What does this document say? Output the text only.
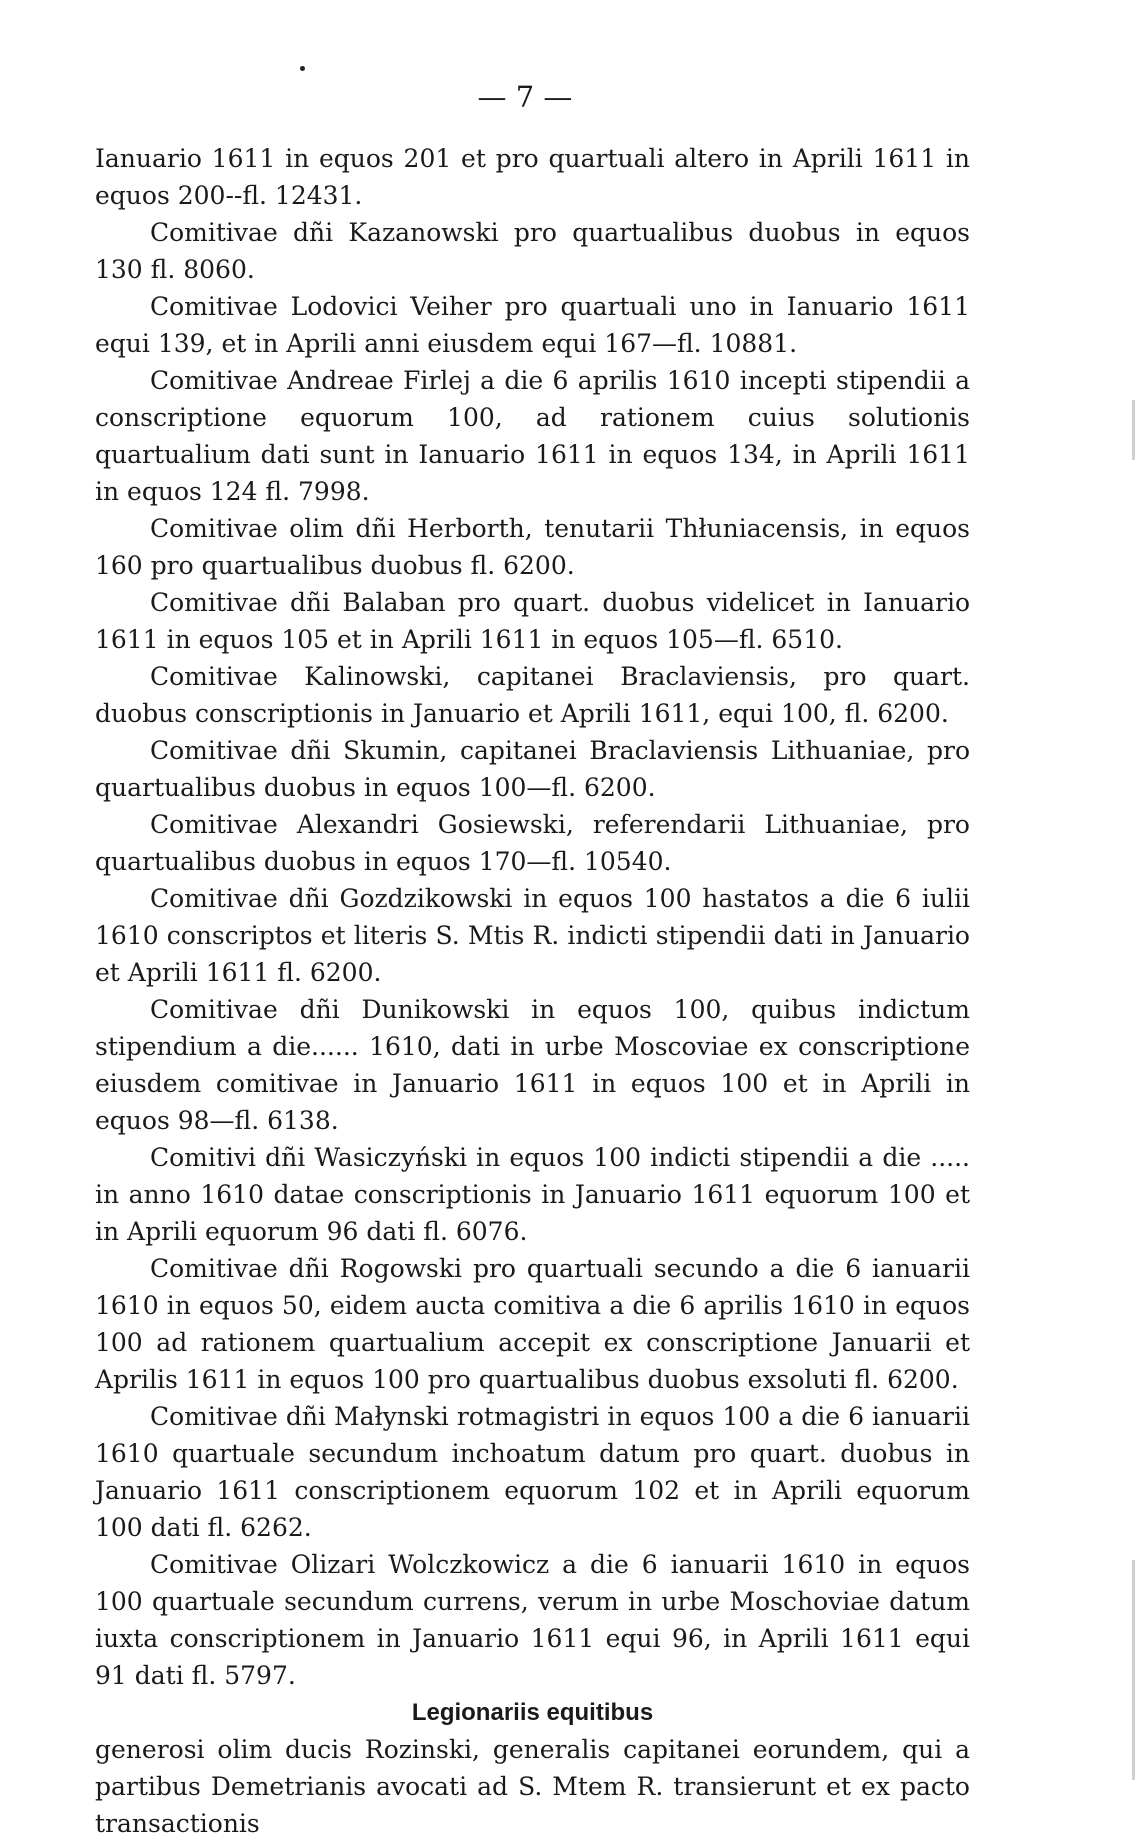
— 7 —

Ianuario 1611 in equos 201 et pro quartuali altero in Aprili 1611 in equos 200--fl. 12431.

Comitivae dñi Kazanowski pro quartualibus duobus in equos 130 fl. 8060.

Comitivae Lodovici Veiher pro quartuali uno in Ianuario 1611 equi 139, et in Aprili anni eiusdem equi 167—fl. 10881.

Comitivae Andreae Firlej a die 6 aprilis 1610 incepti stipendii a conscriptione equorum 100, ad rationem cuius solutionis quartualium dati sunt in Ianuario 1611 in equos 134, in Aprili 1611 in equos 124 fl. 7998.

Comitivae olim dñi Herborth, tenutarii Thłuniacensis, in equos 160 pro quartualibus duobus fl. 6200.

Comitivae dñi Balaban pro quart. duobus videlicet in Ianuario 1611 in equos 105 et in Aprili 1611 in equos 105—fl. 6510.

Comitivae Kalinowski, capitanei Braclaviensis, pro quart. duobus conscriptionis in Januario et Aprili 1611, equi 100, fl. 6200.

Comitivae dñi Skumin, capitanei Braclaviensis Lithuaniae, pro quartualibus duobus in equos 100—fl. 6200.

Comitivae Alexandri Gosiewski, referendarii Lithuaniae, pro quartualibus duobus in equos 170—fl. 10540.

Comitivae dñi Gozdzikowski in equos 100 hastatos a die 6 iulii 1610 conscriptos et literis S. Mtis R. indicti stipendii dati in Januario et Aprili 1611 fl. 6200.

Comitivae dñi Dunikowski in equos 100, quibus indictum stipendium a die...... 1610, dati in urbe Moscoviae ex conscriptione eiusdem comitivae in Januario 1611 in equos 100 et in Aprili in equos 98—fl. 6138.

Comitivi dñi Wasiczyński in equos 100 indicti stipendii a die ..... in anno 1610 datae conscriptionis in Januario 1611 equorum 100 et in Aprili equorum 96 dati fl. 6076.

Comitivae dñi Rogowski pro quartuali secundo a die 6 ianuarii 1610 in equos 50, eidem aucta comitiva a die 6 aprilis 1610 in equos 100 ad rationem quartualium accepit ex conscriptione Januarii et Aprilis 1611 in equos 100 pro quartualibus duobus exsoluti fl. 6200.

Comitivae dñi Małynski rotmagistri in equos 100 a die 6 ianuarii 1610 quartuale secundum inchoatum datum pro quart. duobus in Januario 1611 conscriptionem equorum 102 et in Aprili equorum 100 dati fl. 6262.

Comitivae Olizari Wolczkowicz a die 6 ianuarii 1610 in equos 100 quartuale secundum currens, verum in urbe Moschoviae datum iuxta conscriptionem in Januario 1611 equi 96, in Aprili 1611 equi 91 dati fl. 5797.

Legionariis equitibus

generosi olim ducis Rozinski, generalis capitanei eorundem, qui a partibus Demetrianis avocati ad S. Mtem R. transierunt et ex pacto transactionis
